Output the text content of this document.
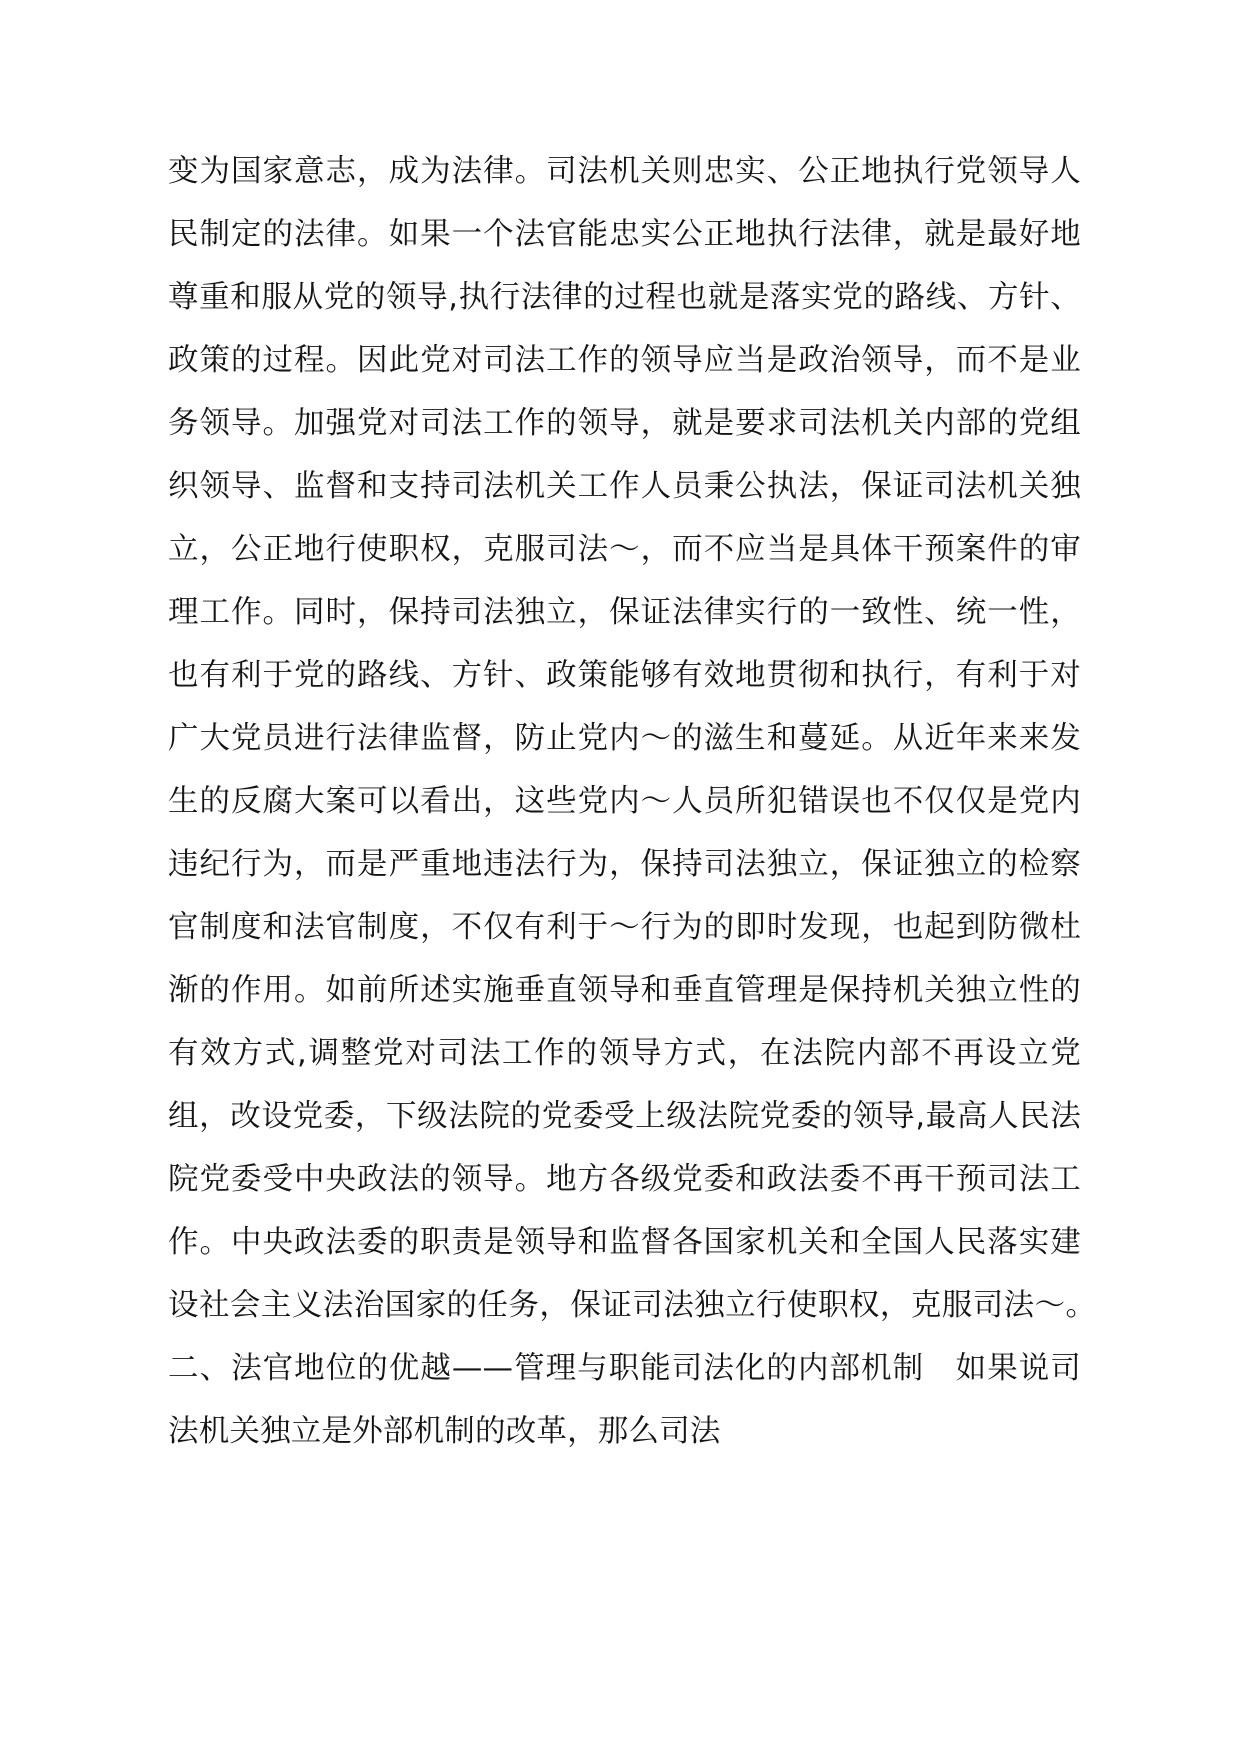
变为国家意志，成为法律。司法机关则忠实、公正地执行党领导人民制定的法律。如果一个法官能忠实公正地执行法律，就是最好地尊重和服从党的领导,执行法律的过程也就是落实党的路线、方针、政策的过程。因此党对司法工作的领导应当是政治领导，而不是业务领导。加强党对司法工作的领导，就是要求司法机关内部的党组织领导、监督和支持司法机关工作人员秉公执法，保证司法机关独立，公正地行使职权，克服司法～，而不应当是具体干预案件的审理工作。同时，保持司法独立，保证法律实行的一致性、统一性，也有利于党的路线、方针、政策能够有效地贯彻和执行，有利于对广大党员进行法律监督，防止党内～的滋生和蔓延。从近年来来发生的反腐大案可以看出，这些党内～人员所犯错误也不仅仅是党内违纪行为，而是严重地违法行为，保持司法独立，保证独立的检察官制度和法官制度，不仅有利于～行为的即时发现，也起到防微杜渐的作用。如前所述实施垂直领导和垂直管理是保持机关独立性的有效方式,调整党对司法工作的领导方式，在法院内部不再设立党组，改设党委，下级法院的党委受上级法院党委的领导,最高人民法院党委受中央政法的领导。地方各级党委和政法委不再干预司法工作。中央政法委的职责是领导和监督各国家机关和全国人民落实建设社会主义法治国家的任务，保证司法独立行使职权，克服司法～。　二、法官地位的优越——管理与职能司法化的内部机制　如果说司法机关独立是外部机制的改革，那么司法
